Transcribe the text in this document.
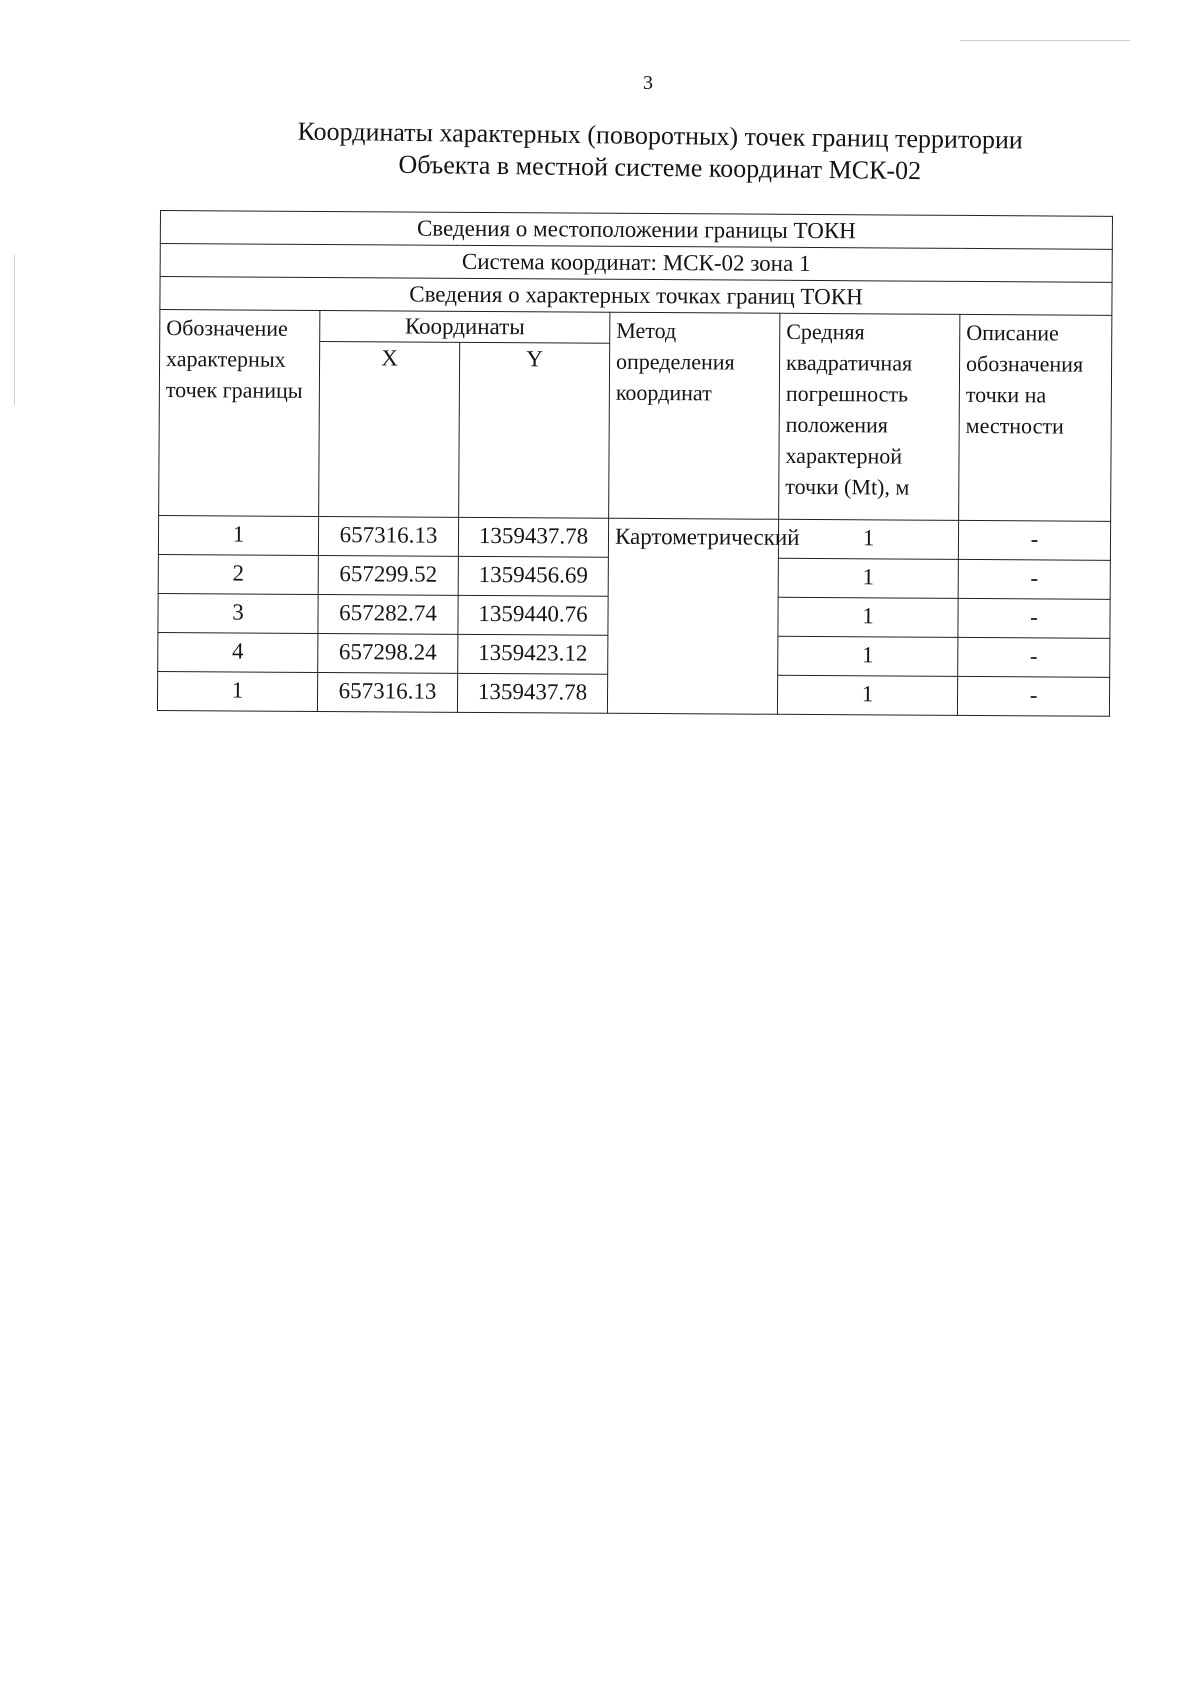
3
Координаты характерных (поворотных) точек границ территории
Объекта в местной системе координат МСК-02
Сведения о местоположении границы ТОКН					
Система координат: МСК-02 зона 1					
Сведения о характерных точках границ ТОКН					
Обозначение характерных точек границы	Координаты		Метод определения координат	Средняя квадратичная погрешность положения характерной точки (Mt), м	Описание обозначения точки на местности
	X	Y			
1	657316.13	1359437.78	Картометрический	1	-
2	657299.52	1359456.69		1	-
3	657282.74	1359440.76		1	-
4	657298.24	1359423.12		1	-
1	657316.13	1359437.78		1	-
